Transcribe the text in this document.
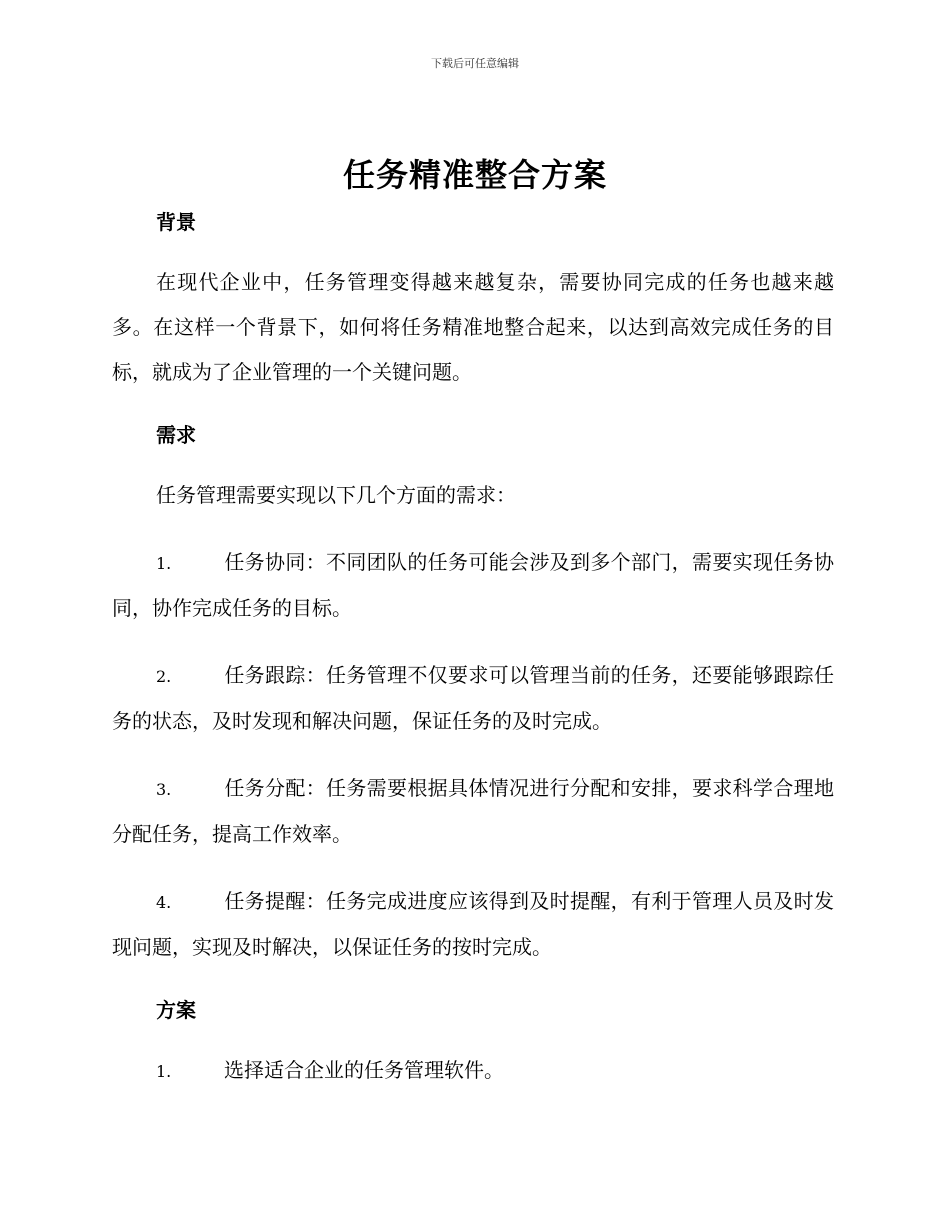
下载后可任意编辑
任务精准整合方案
背景
在现代企业中，任务管理变得越来越复杂，需要协同完成的任务也越来越多。在这样一个背景下，如何将任务精准地整合起来，以达到高效完成任务的目标，就成为了企业管理的一个关键问题。
需求
任务管理需要实现以下几个方面的需求：
1.	任务协同：不同团队的任务可能会涉及到多个部门，需要实现任务协同，协作完成任务的目标。
2.	任务跟踪：任务管理不仅要求可以管理当前的任务，还要能够跟踪任务的状态，及时发现和解决问题，保证任务的及时完成。
3.	任务分配：任务需要根据具体情况进行分配和安排，要求科学合理地分配任务，提高工作效率。
4.	任务提醒：任务完成进度应该得到及时提醒，有利于管理人员及时发现问题，实现及时解决，以保证任务的按时完成。
方案
1.	选择适合企业的任务管理软件。
